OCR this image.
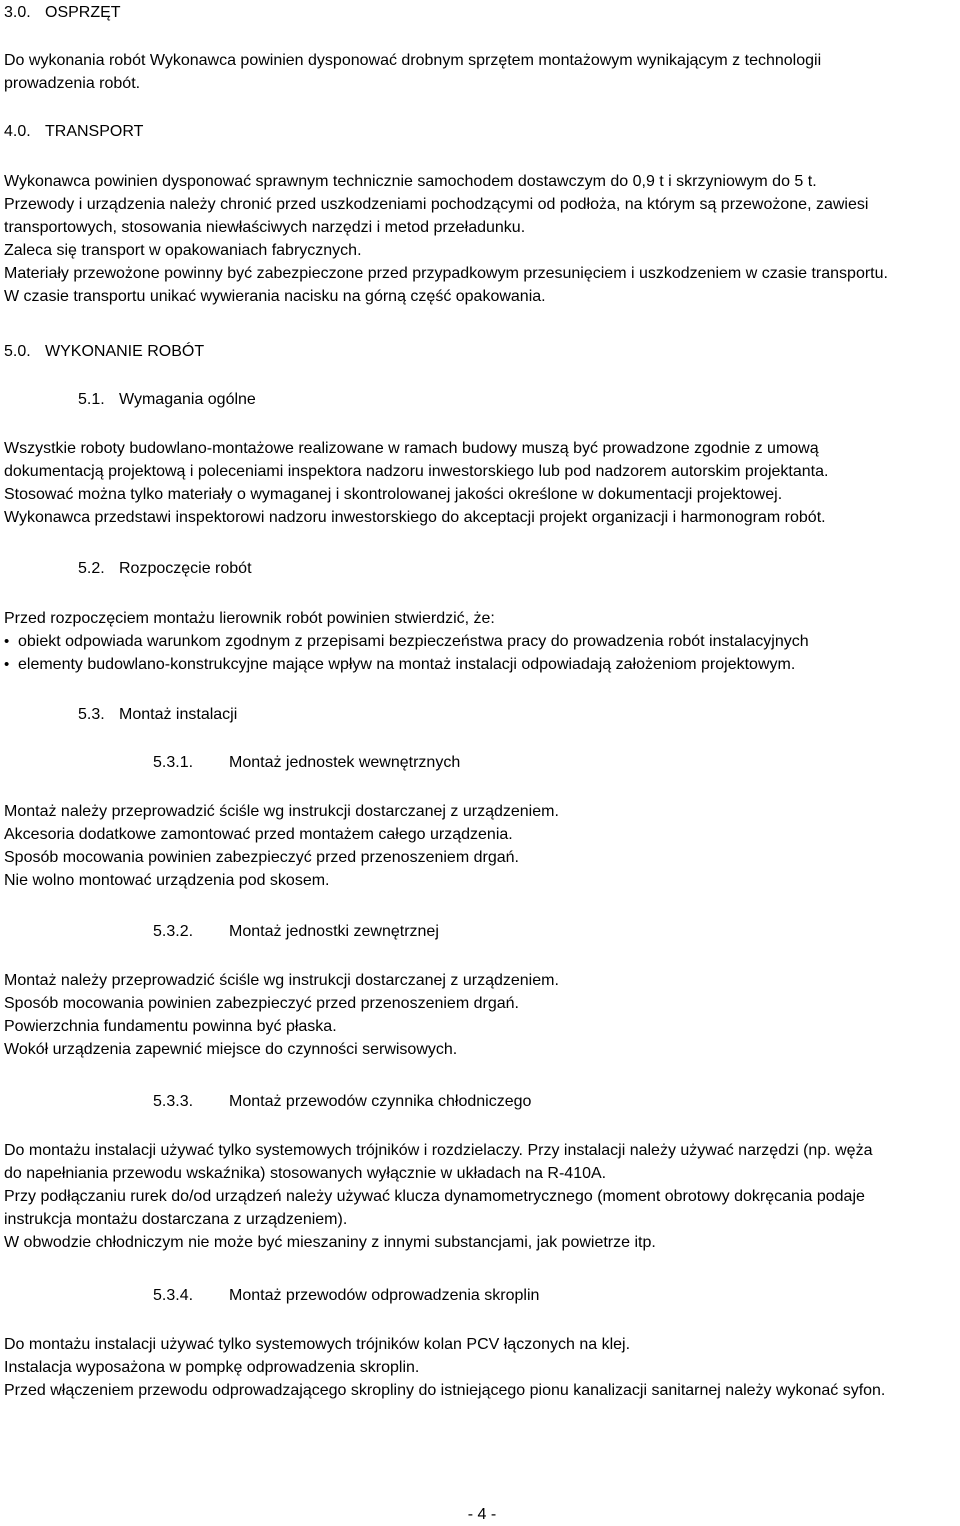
3.0. OSPRZĘT
Do wykonania robót Wykonawca powinien dysponować drobnym sprzętem montażowym wynikającym z technologii
prowadzenia robót.
4.0. TRANSPORT
Wykonawca powinien dysponować sprawnym technicznie samochodem dostawczym do 0,9 t i skrzyniowym do 5 t.
Przewody i urządzenia należy chronić przed uszkodzeniami pochodzącymi od podłoża, na którym są przewożone, zawiesi
transportowych, stosowania niewłaściwych narzędzi i metod przeładunku.
Zaleca się transport w opakowaniach fabrycznych.
Materiały przewożone powinny być zabezpieczone przed przypadkowym przesunięciem i uszkodzeniem w czasie transportu.
W czasie transportu unikać wywierania nacisku na górną część opakowania.
5.0. WYKONANIE ROBÓT
5.1. Wymagania ogólne
Wszystkie roboty budowlano-montażowe realizowane w ramach budowy muszą być prowadzone zgodnie z umową
dokumentacją projektową i poleceniami inspektora nadzoru inwestorskiego lub pod nadzorem autorskim projektanta.
Stosować można tylko materiały o wymaganej i skontrolowanej jakości określone w dokumentacji projektowej.
Wykonawca przedstawi inspektorowi nadzoru inwestorskiego do akceptacji projekt organizacji i harmonogram robót.
5.2. Rozpoczęcie robót
Przed rozpoczęciem montażu lierownik robót powinien stwierdzić, że:
• obiekt odpowiada warunkom zgodnym z przepisami bezpieczeństwa pracy do prowadzenia robót instalacyjnych
• elementy budowlano-konstrukcyjne mające wpływ na montaż instalacji odpowiadają założeniom projektowym.
5.3. Montaż instalacji
5.3.1. Montaż jednostek wewnętrznych
Montaż należy przeprowadzić ściśle wg instrukcji dostarczanej z urządzeniem.
Akcesoria dodatkowe zamontować przed montażem całego urządzenia.
Sposób mocowania powinien zabezpieczyć przed przenoszeniem drgań.
Nie wolno montować urządzenia pod skosem.
5.3.2. Montaż jednostki zewnętrznej
Montaż należy przeprowadzić ściśle wg instrukcji dostarczanej z urządzeniem.
Sposób mocowania powinien zabezpieczyć przed przenoszeniem drgań.
Powierzchnia fundamentu powinna być płaska.
Wokół urządzenia zapewnić miejsce do czynności serwisowych.
5.3.3. Montaż przewodów czynnika chłodniczego
Do montażu instalacji używać tylko systemowych trójników i rozdzielaczy. Przy instalacji należy używać narzędzi (np. węża
do napełniania przewodu wskaźnika) stosowanych wyłącznie w układach na R-410A.
Przy podłączaniu rurek do/od urządzeń należy używać klucza dynamometrycznego (moment obrotowy dokręcania podaje
instrukcja montażu dostarczana z urządzeniem).
W obwodzie chłodniczym nie może być mieszaniny z innymi substancjami, jak powietrze itp.
5.3.4. Montaż przewodów odprowadzenia skroplin
Do montażu instalacji używać tylko systemowych trójników kolan PCV łączonych na klej.
Instalacja wyposażona w pompkę odprowadzenia skroplin.
Przed włączeniem przewodu odprowadzającego skropliny do istniejącego pionu kanalizacji sanitarnej należy wykonać syfon.
- 4 -
